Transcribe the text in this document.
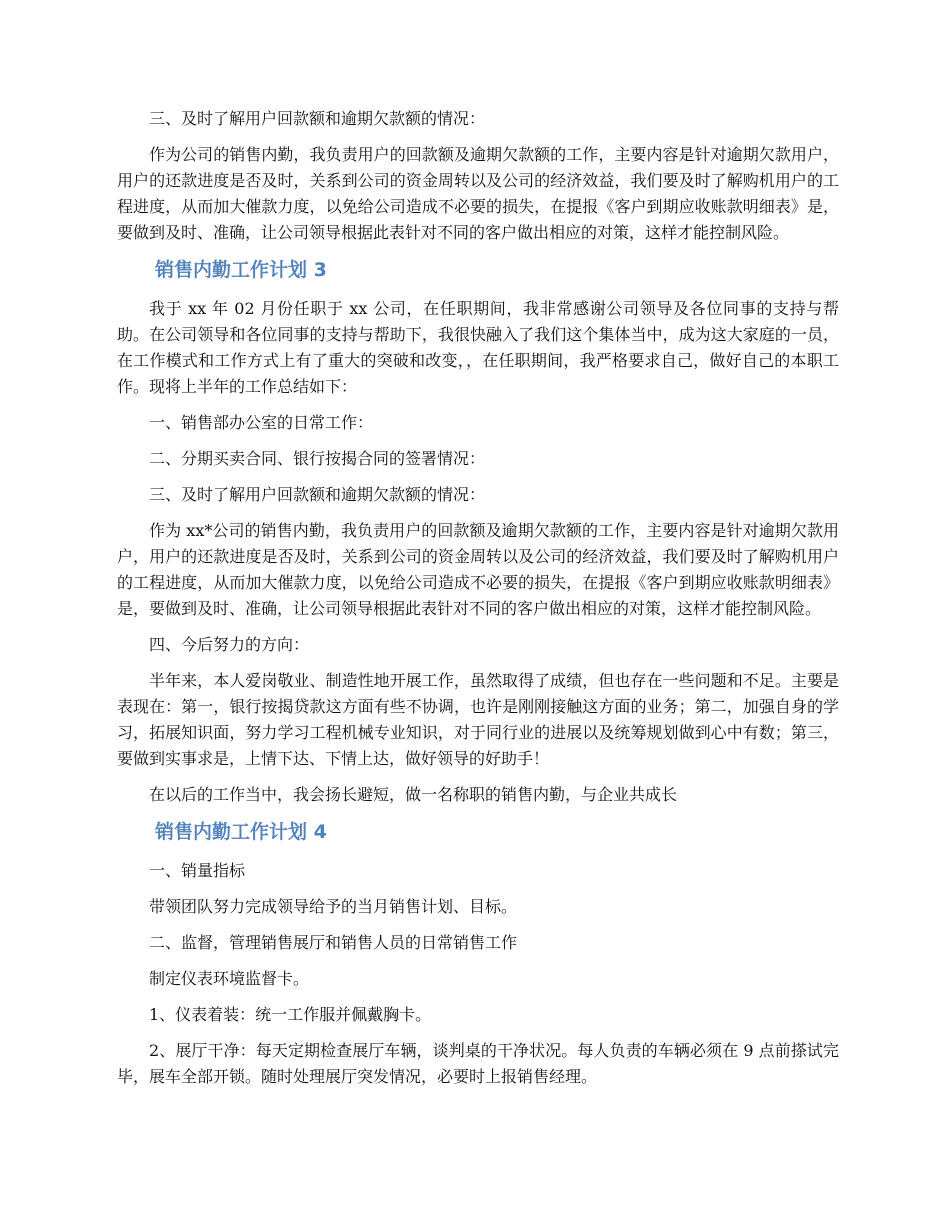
三、及时了解用户回款额和逾期欠款额的情况：

作为公司的销售内勤，我负责用户的回款额及逾期欠款额的工作，主要内容是针对逾期欠款用户，用户的还款进度是否及时，关系到公司的资金周转以及公司的经济效益，我们要及时了解购机用户的工程进度，从而加大催款力度，以免给公司造成不必要的损失，在提报《客户到期应收账款明细表》是，要做到及时、准确，让公司领导根据此表针对不同的客户做出相应的对策，这样才能控制风险。

销售内勤工作计划 3

我于 xx 年 02 月份任职于 xx 公司，在任职期间，我非常感谢公司领导及各位同事的支持与帮助。在公司领导和各位同事的支持与帮助下，我很快融入了我们这个集体当中，成为这大家庭的一员，在工作模式和工作方式上有了重大的突破和改变，，在任职期间，我严格要求自己，做好自己的本职工作。现将上半年的工作总结如下：

一、销售部办公室的日常工作：

二、分期买卖合同、银行按揭合同的签署情况：

三、及时了解用户回款额和逾期欠款额的情况：

作为 xx*公司的销售内勤，我负责用户的回款额及逾期欠款额的工作，主要内容是针对逾期欠款用户，用户的还款进度是否及时，关系到公司的资金周转以及公司的经济效益，我们要及时了解购机用户的工程进度，从而加大催款力度，以免给公司造成不必要的损失，在提报《客户到期应收账款明细表》是，要做到及时、准确，让公司领导根据此表针对不同的客户做出相应的对策，这样才能控制风险。

四、今后努力的方向：

半年来，本人爱岗敬业、制造性地开展工作，虽然取得了成绩，但也存在一些问题和不足。主要是表现在：第一，银行按揭贷款这方面有些不协调，也许是刚刚接触这方面的业务；第二，加强自身的学习，拓展知识面，努力学习工程机械专业知识，对于同行业的进展以及统筹规划做到心中有数；第三，要做到实事求是，上情下达、下情上达，做好领导的好助手！

在以后的工作当中，我会扬长避短，做一名称职的销售内勤，与企业共成长

销售内勤工作计划 4

一、销量指标

带领团队努力完成领导给予的当月销售计划、目标。

二、监督，管理销售展厅和销售人员的日常销售工作

制定仪表环境监督卡。

1、仪表着装：统一工作服并佩戴胸卡。

2、展厅干净：每天定期检查展厅车辆，谈判桌的干净状况。每人负责的车辆必须在 9 点前搽试完毕，展车全部开锁。随时处理展厅突发情况，必要时上报销售经理。
